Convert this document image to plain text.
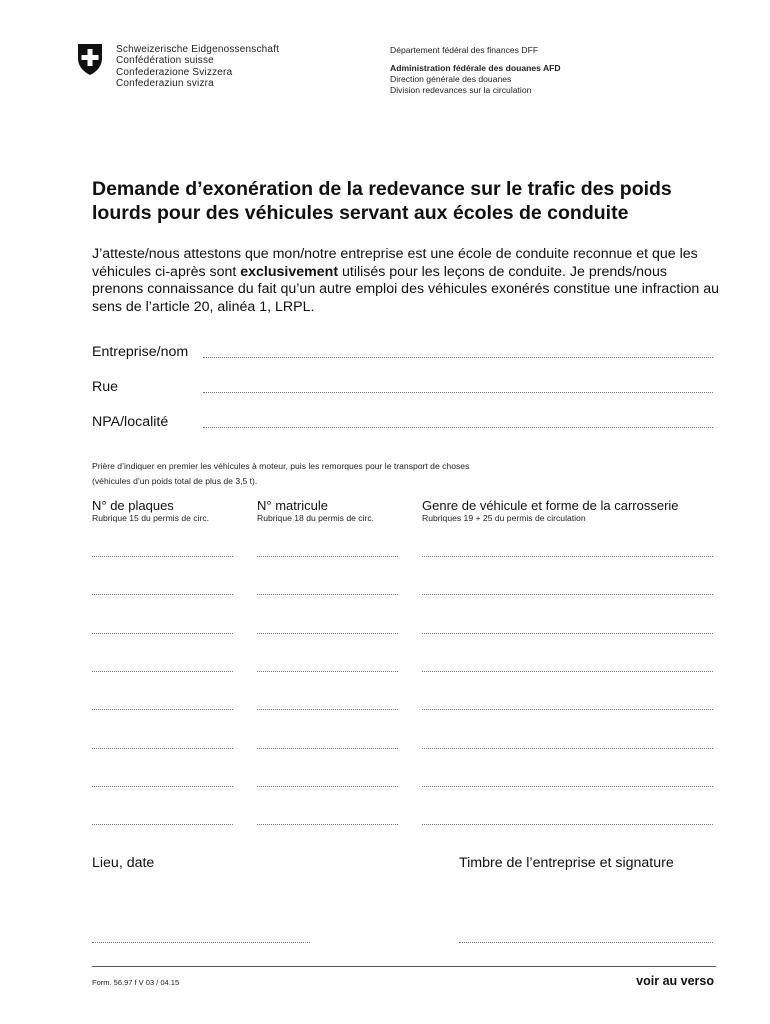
Schweizerische Eidgenossenschaft
Confédération suisse
Confederazione Svizzera
Confederaziun svizra
Département fédéral des finances DFF
Administration fédérale des douanes AFD
Direction générale des douanes
Division redevances sur la circulation
Demande d’exonération de la redevance sur le trafic des poids lourds pour des véhicules servant aux écoles de conduite
J’atteste/nous attestons que mon/notre entreprise est une école de conduite reconnue et que les véhicules ci-après sont exclusivement utilisés pour les leçons de conduite. Je prends/nous prenons connaissance du fait qu’un autre emploi des véhicules exonérés constitue une infraction au sens de l’article 20, alinéa 1, LRPL.
Entreprise/nom
Rue
NPA/localité
Prière d’indiquer en premier les véhicules à moteur, puis les remorques pour le transport de choses
(véhicules d’un poids total de plus de 3,5 t).
N° de plaques
Rubrique 15 du permis de circ.
N° matricule
Rubrique 18 du permis de circ.
Genre de véhicule et forme de la carrosserie
Rubriques 19 + 25 du permis de circulation
Lieu, date	Timbre de l’entreprise et signature
Form. 56.97 f V 03 / 04.15	voir au verso
